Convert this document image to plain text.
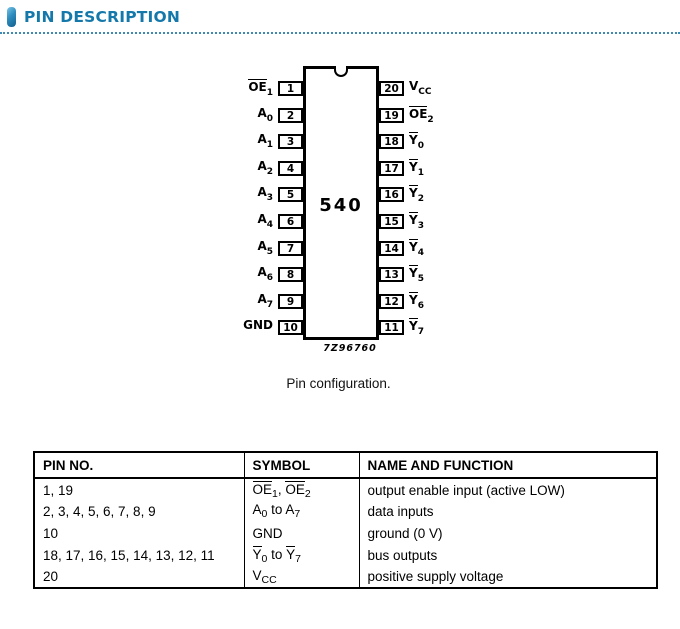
PIN DESCRIPTION
540
$OE_1$	1
$A_0$	2
$A_1$	3
$A_2$	4
$A_3$	5
$A_4$	6
$A_5$	7
$A_6$	8
$A_7$	9
GND 10
20 $V_{CC}$
19 $OE_2$
18 $Y_0$
17 $Y_1$
16 $Y_2$
15 $Y_3$
14 $Y_4$
13 $Y_5$
12 $Y_6$
11 $Y_7$
7Z96760
Pin configuration.
PIN NO.	SYMBOL	NAME AND FUNCTION
1, 19	$OE_1$, $OE_2$	output enable input (active LOW)
2, 3, 4, 5, 6, 7, 8, 9	$A_0$ to $A_7$	data inputs
10	GND	ground (0 V)
18, 17, 16, 15, 14, 13, 12, 11	$Y_0$ to $Y_7$	bus outputs
20	$V_{CC}$	positive supply voltage
